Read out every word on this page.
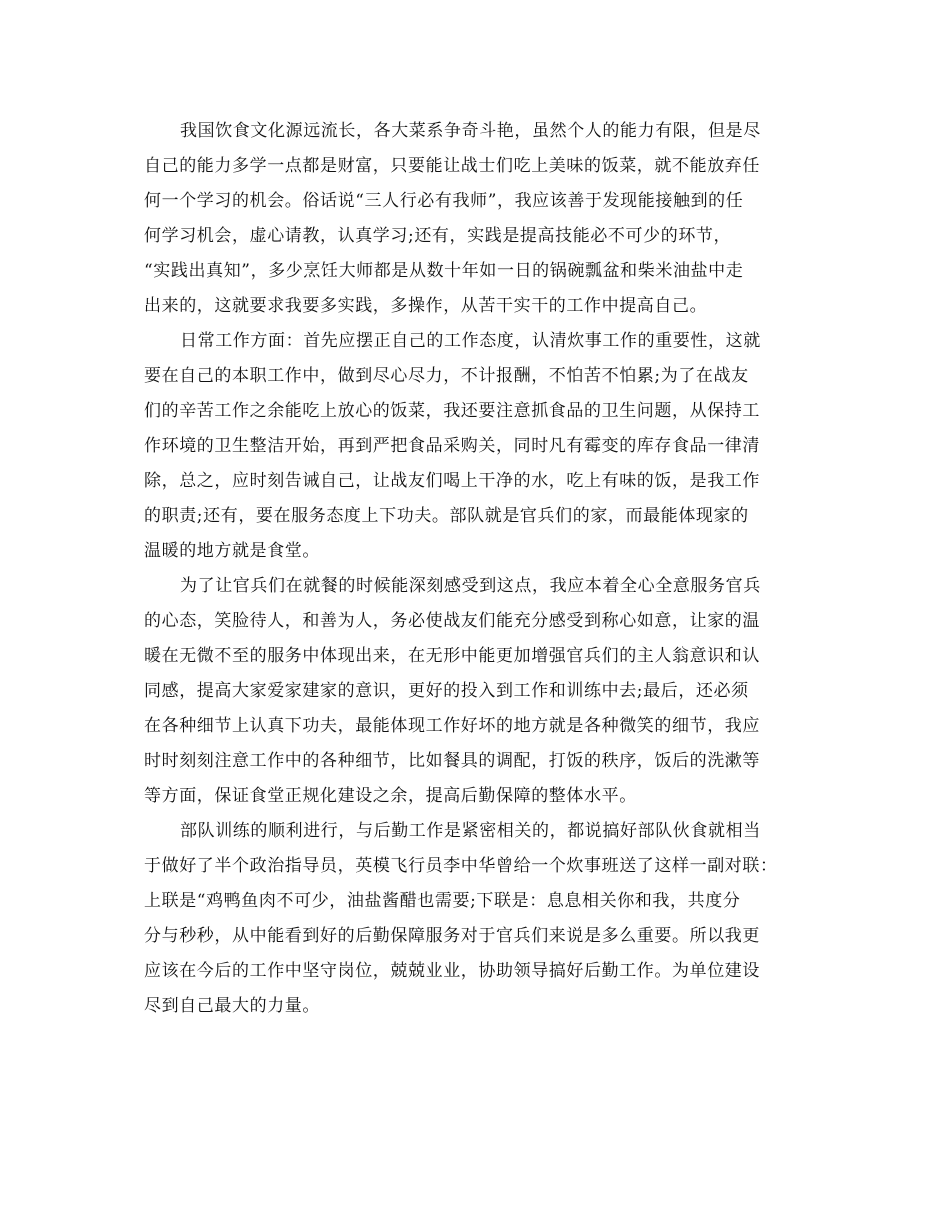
我国饮食文化源远流长，各大菜系争奇斗艳，虽然个人的能力有限，但是尽
自己的能力多学一点都是财富，只要能让战士们吃上美味的饭菜，就不能放弃任
何一个学习的机会。俗话说“三人行必有我师”，我应该善于发现能接触到的任
何学习机会，虚心请教，认真学习;还有，实践是提高技能必不可少的环节，
“实践出真知”，多少烹饪大师都是从数十年如一日的锅碗瓢盆和柴米油盐中走
出来的，这就要求我要多实践，多操作，从苦干实干的工作中提高自己。
日常工作方面：首先应摆正自己的工作态度，认清炊事工作的重要性，这就
要在自己的本职工作中，做到尽心尽力，不计报酬，不怕苦不怕累;为了在战友
们的辛苦工作之余能吃上放心的饭菜，我还要注意抓食品的卫生问题，从保持工
作环境的卫生整洁开始，再到严把食品采购关，同时凡有霉变的库存食品一律清
除，总之，应时刻告诫自己，让战友们喝上干净的水，吃上有味的饭，是我工作
的职责;还有，要在服务态度上下功夫。部队就是官兵们的家，而最能体现家的
温暖的地方就是食堂。
为了让官兵们在就餐的时候能深刻感受到这点，我应本着全心全意服务官兵
的心态，笑脸待人，和善为人，务必使战友们能充分感受到称心如意，让家的温
暖在无微不至的服务中体现出来，在无形中能更加增强官兵们的主人翁意识和认
同感，提高大家爱家建家的意识，更好的投入到工作和训练中去;最后，还必须
在各种细节上认真下功夫，最能体现工作好坏的地方就是各种微笑的细节，我应
时时刻刻注意工作中的各种细节，比如餐具的调配，打饭的秩序，饭后的洗漱等
等方面，保证食堂正规化建设之余，提高后勤保障的整体水平。
部队训练的顺利进行，与后勤工作是紧密相关的，都说搞好部队伙食就相当
于做好了半个政治指导员，英模飞行员李中华曾给一个炊事班送了这样一副对联：
上联是“鸡鸭鱼肉不可少，油盐酱醋也需要;下联是：息息相关你和我，共度分
分与秒秒，从中能看到好的后勤保障服务对于官兵们来说是多么重要。所以我更
应该在今后的工作中坚守岗位，兢兢业业，协助领导搞好后勤工作。为单位建设
尽到自己最大的力量。
